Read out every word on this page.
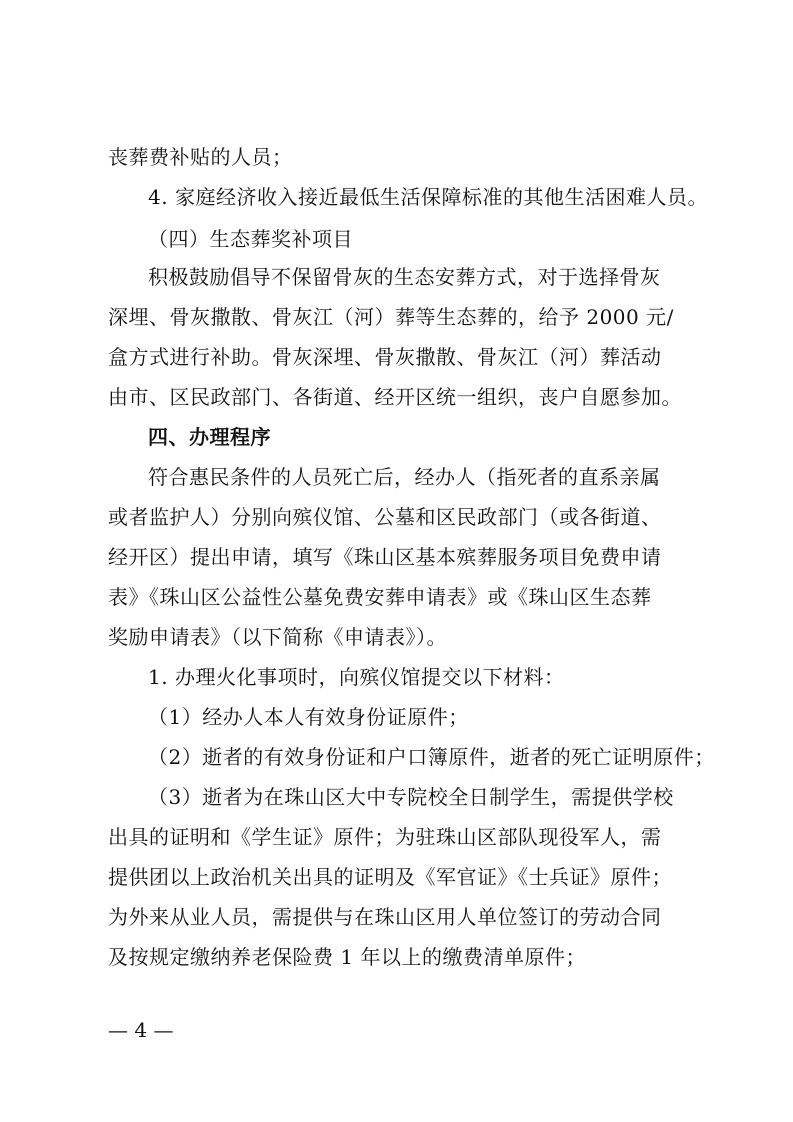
丧葬费补贴的人员；
4. 家庭经济收入接近最低生活保障标准的其他生活困难人员。
（四）生态葬奖补项目
积极鼓励倡导不保留骨灰的生态安葬方式，对于选择骨灰
深埋、骨灰撒散、骨灰江（河）葬等生态葬的，给予 2000 元/
盒方式进行补助。骨灰深埋、骨灰撒散、骨灰江（河）葬活动
由市、区民政部门、各街道、经开区统一组织，丧户自愿参加。
四、办理程序
符合惠民条件的人员死亡后，经办人（指死者的直系亲属
或者监护人）分别向殡仪馆、公墓和区民政部门（或各街道、
经开区）提出申请，填写《珠山区基本殡葬服务项目免费申请
表》《珠山区公益性公墓免费安葬申请表》或《珠山区生态葬
奖励申请表》（以下简称《申请表》）。
1. 办理火化事项时，向殡仪馆提交以下材料：
（1）经办人本人有效身份证原件；
（2）逝者的有效身份证和户口簿原件，逝者的死亡证明原件；
（3）逝者为在珠山区大中专院校全日制学生，需提供学校
出具的证明和《学生证》原件；为驻珠山区部队现役军人，需
提供团以上政治机关出具的证明及《军官证》《士兵证》原件；
为外来从业人员，需提供与在珠山区用人单位签订的劳动合同
及按规定缴纳养老保险费 1 年以上的缴费清单原件；
— 4 —
